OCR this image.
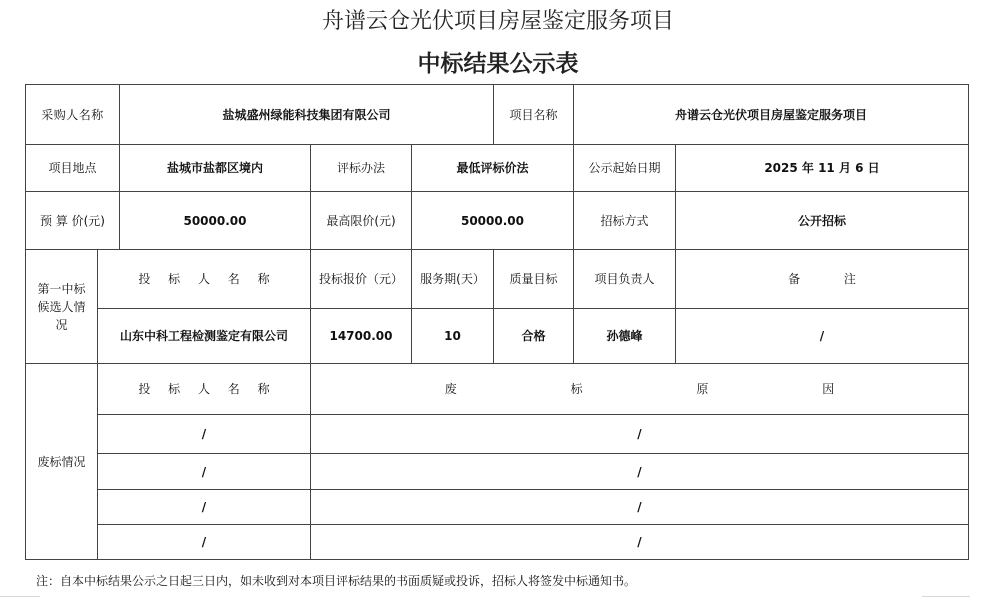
舟谱云仓光伏项目房屋鉴定服务项目
中标结果公示表
采购人名称	盐城盛州绿能科技集团有限公司	项目名称	舟谱云仓光伏项目房屋鉴定服务项目
项目地点	盐城市盐都区境内	评标办法	最低评标价法	公示起始日期	2025 年 11 月 6 日
预 算 价(元)	50000.00	最高限价(元)	50000.00	招标方式	公开招标
第一中标候选人情况
投 标 人 名 称	投标报价（元）	服务期(天）	质量目标	项目负责人	备 注
山东中科工程检测鉴定有限公司	14700.00	10	合格	孙德峰	/
废标情况
投 标 人 名 称	废 标 原 因
/	/
/	/
/	/
/	/
注：自本中标结果公示之日起三日内，如未收到对本项目评标结果的书面质疑或投诉，招标人将签发中标通知书。
